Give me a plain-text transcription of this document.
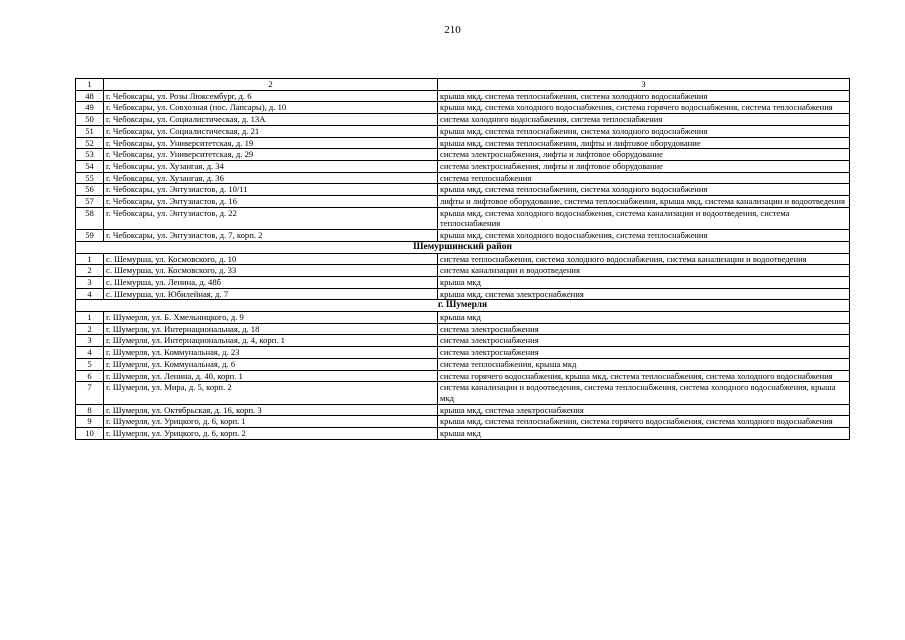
210
1	2	3
48	г. Чебоксары, ул. Розы Люксембург, д. 6	крыша мкд, система теплоснабжения, система холодного водоснабжения
49	г. Чебоксары, ул. Совхозная (пос. Лапсары), д. 10	крыша мкд, система холодного водоснабжения, система горячего водоснабжения, система теплоснабжения
50	г. Чебоксары, ул. Социалистическая, д. 13А	система холодного водоснабжения, система теплоснабжения
51	г. Чебоксары, ул. Социалистическая, д. 21	крыша мкд, система теплоснабжения, система холодного водоснабжения
52	г. Чебоксары, ул. Университетская, д. 19	крыша мкд, система теплоснабжения, лифты и лифтовое оборудование
53	г. Чебоксары, ул. Университетская, д. 29	система электроснабжения, лифты и лифтовое оборудование
54	г. Чебоксары, ул. Хузангая, д. 34	система электроснабжения, лифты и лифтовое оборудование
55	г. Чебоксары, ул. Хузангая, д. 36	система теплоснабжения
56	г. Чебоксары, ул. Энтузиастов, д. 10/11	крыша мкд, система теплоснабжения, система холодного водоснабжения
57	г. Чебоксары, ул. Энтузиастов, д. 16	лифты и лифтовое оборудование, система теплоснабжения, крыша мкд, система канализации и водоотведения
58	г. Чебоксары, ул. Энтузиастов, д. 22	крыша мкд, система холодного водоснабжения, система канализации и водоотведения, система теплоснабжения
59	г. Чебоксары, ул. Энтузиастов, д. 7, корп. 2	крыша мкд, система холодного водоснабжения, система теплоснабжения
Шемуршинский район		
1	с. Шемурша, ул. Космовского, д. 10	система теплоснабжения, система холодного водоснабжения, система канализации и водоотведения
2	с. Шемурша, ул. Космовского, д. 33	система канализации и водоотведения
3	с. Шемурша, ул. Ленина, д. 48б	крыша мкд
4	с. Шемурша, ул. Юбилейная, д. 7	крыша мкд, система электроснабжения
г. Шумерля		
1	г. Шумерля, ул. Б. Хмельницкого, д. 9	крыша мкд
2	г. Шумерля, ул. Интернациональная, д. 18	система электроснабжения
3	г. Шумерля, ул. Интернациональная, д. 4, корп. 1	система электроснабжения
4	г. Шумерля, ул. Коммунальная, д. 23	система электроснабжения
5	г. Шумерля, ул. Коммунальная, д. 6	система теплоснабжения, крыша мкд
6	г. Шумерля, ул. Ленина, д. 40, корп. 1	система горячего водоснабжения, крыша мкд, система теплоснабжения, система холодного водоснабжения
7	г. Шумерля, ул. Мира, д. 5, корп. 2	система канализации и водоотведения, система теплоснабжения, система холодного водоснабжения, крыша мкд
8	г. Шумерля, ул. Октябрьская, д. 16, корп. 3	крыша мкд, система электроснабжения
9	г. Шумерля, ул. Урицкого, д. 6, корп. 1	крыша мкд, система теплоснабжения, система горячего водоснабжения, система холодного водоснабжения
10	г. Шумерля, ул. Урицкого, д. 6, корп. 2	крыша мкд
